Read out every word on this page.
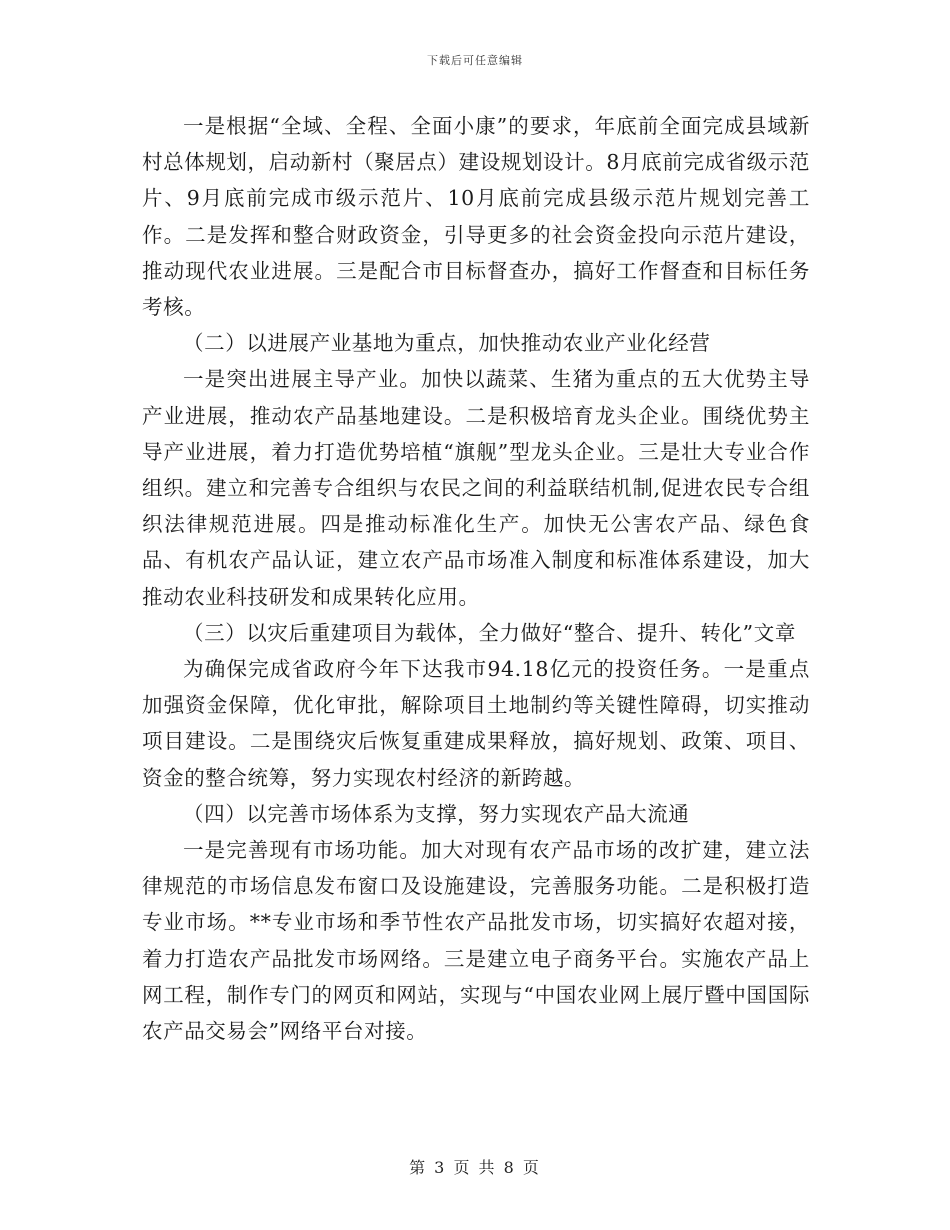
下载后可任意编辑

一是根据“全域、全程、全面小康”的要求，年底前全面完成县域新村总体规划，启动新村（聚居点）建设规划设计。8月底前完成省级示范片、9月底前完成市级示范片、10月底前完成县级示范片规划完善工作。二是发挥和整合财政资金，引导更多的社会资金投向示范片建设，推动现代农业进展。三是配合市目标督查办，搞好工作督查和目标任务考核。

（二）以进展产业基地为重点，加快推动农业产业化经营

一是突出进展主导产业。加快以蔬菜、生猪为重点的五大优势主导产业进展，推动农产品基地建设。二是积极培育龙头企业。围绕优势主导产业进展，着力打造优势培植“旗舰”型龙头企业。三是壮大专业合作组织。建立和完善专合组织与农民之间的利益联结机制,促进农民专合组织法律规范进展。四是推动标准化生产。加快无公害农产品、绿色食品、有机农产品认证，建立农产品市场准入制度和标准体系建设，加大推动农业科技研发和成果转化应用。

（三）以灾后重建项目为载体，全力做好“整合、提升、转化”文章

为确保完成省政府今年下达我市94.18亿元的投资任务。一是重点加强资金保障，优化审批，解除项目土地制约等关键性障碍，切实推动项目建设。二是围绕灾后恢复重建成果释放，搞好规划、政策、项目、资金的整合统筹，努力实现农村经济的新跨越。

（四）以完善市场体系为支撑，努力实现农产品大流通

一是完善现有市场功能。加大对现有农产品市场的改扩建，建立法律规范的市场信息发布窗口及设施建设，完善服务功能。二是积极打造专业市场。**专业市场和季节性农产品批发市场，切实搞好农超对接，着力打造农产品批发市场网络。三是建立电子商务平台。实施农产品上网工程，制作专门的网页和网站，实现与“中国农业网上展厅暨中国国际农产品交易会”网络平台对接。

第 3 页 共 8 页
